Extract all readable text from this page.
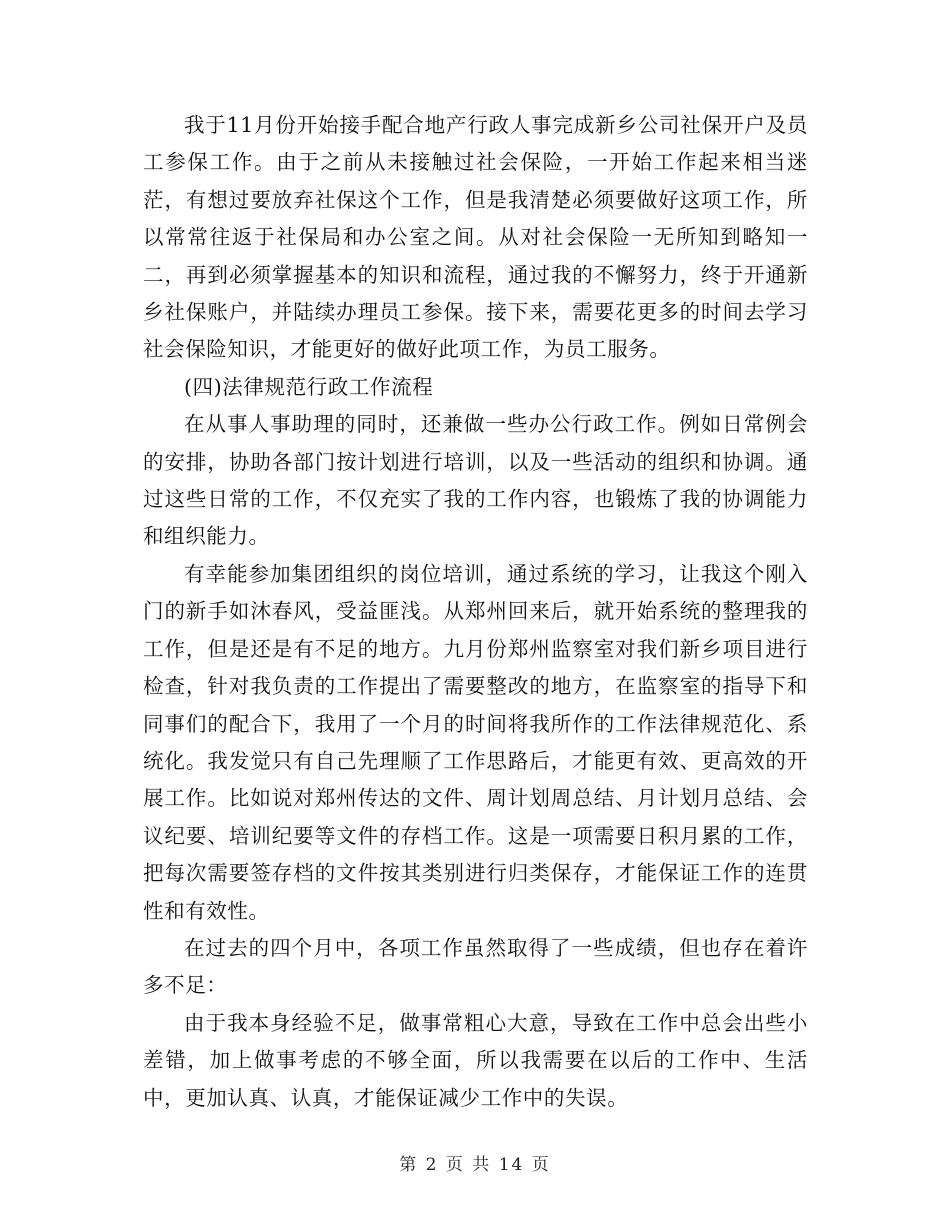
我于11月份开始接手配合地产行政人事完成新乡公司社保开户及员工参保工作。由于之前从未接触过社会保险，一开始工作起来相当迷茫，有想过要放弃社保这个工作，但是我清楚必须要做好这项工作，所以常常往返于社保局和办公室之间。从对社会保险一无所知到略知一二，再到必须掌握基本的知识和流程，通过我的不懈努力，终于开通新乡社保账户，并陆续办理员工参保。接下来，需要花更多的时间去学习社会保险知识，才能更好的做好此项工作，为员工服务。

(四)法律规范行政工作流程

在从事人事助理的同时，还兼做一些办公行政工作。例如日常例会的安排，协助各部门按计划进行培训，以及一些活动的组织和协调。通过这些日常的工作，不仅充实了我的工作内容，也锻炼了我的协调能力和组织能力。

有幸能参加集团组织的岗位培训，通过系统的学习，让我这个刚入门的新手如沐春风，受益匪浅。从郑州回来后，就开始系统的整理我的工作，但是还是有不足的地方。九月份郑州监察室对我们新乡项目进行检查，针对我负责的工作提出了需要整改的地方，在监察室的指导下和同事们的配合下，我用了一个月的时间将我所作的工作法律规范化、系统化。我发觉只有自己先理顺了工作思路后，才能更有效、更高效的开展工作。比如说对郑州传达的文件、周计划周总结、月计划月总结、会议纪要、培训纪要等文件的存档工作。这是一项需要日积月累的工作，把每次需要签存档的文件按其类别进行归类保存，才能保证工作的连贯性和有效性。

在过去的四个月中，各项工作虽然取得了一些成绩，但也存在着许多不足：

由于我本身经验不足，做事常粗心大意，导致在工作中总会出些小差错，加上做事考虑的不够全面，所以我需要在以后的工作中、生活中，更加认真、认真，才能保证减少工作中的失误。

第 2 页 共 14 页
